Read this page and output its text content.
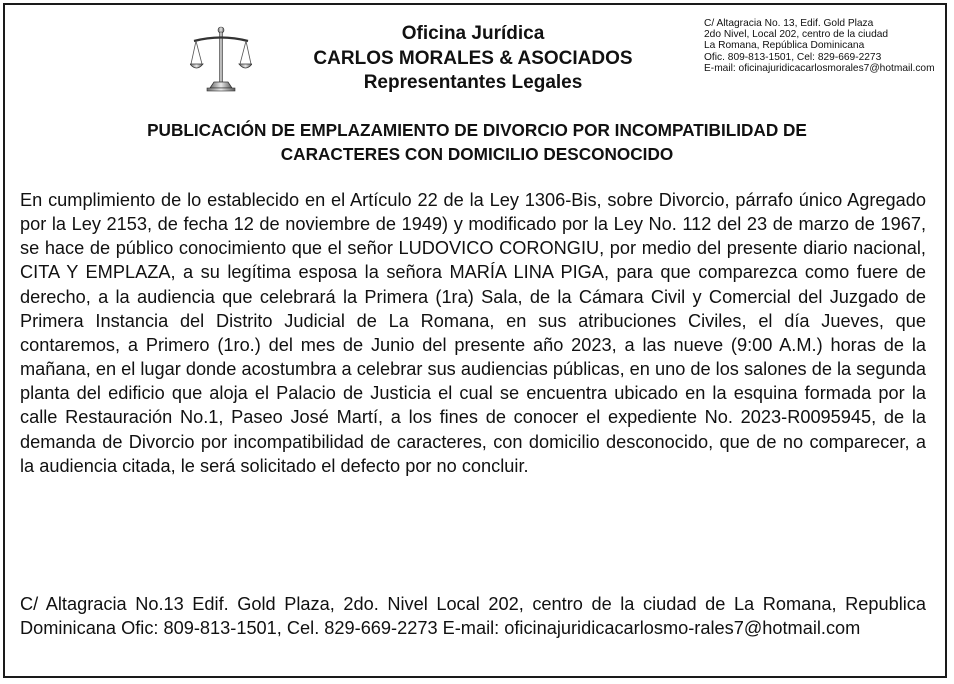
Oficina Jurídica
CARLOS MORALES & ASOCIADOS
Representantes Legales
C/ Altagracia No. 13, Edif. Gold Plaza
2do Nivel, Local 202, centro de la ciudad
La Romana, República Dominicana
Ofic. 809-813-1501, Cel: 829-669-2273
E-mail: oficinajuridicacarlosmorales7@hotmail.com
PUBLICACIÓN DE EMPLAZAMIENTO DE DIVORCIO POR INCOMPATIBILIDAD DE
CARACTERES CON DOMICILIO DESCONOCIDO
En cumplimiento de lo establecido en el Artículo 22 de la Ley 1306-Bis, sobre Divorcio, párrafo único Agregado por la Ley 2153, de fecha 12 de noviembre de 1949) y modificado por la Ley No. 112 del 23 de marzo de 1967, se hace de público conocimiento que el señor LUDOVICO CORONGIU, por medio del presente diario nacional, CITA Y EMPLAZA, a su legítima esposa la señora MARÍA LINA PIGA, para que comparezca como fuere de derecho, a la audiencia que celebrará la Primera (1ra) Sala, de la Cámara Civil y Comercial del Juzgado de Primera Instancia del Distrito Judicial de La Romana, en sus atribuciones Civiles, el día Jueves, que contaremos, a Primero (1ro.) del mes de Junio del presente año 2023, a las nueve (9:00 A.M.) horas de la mañana, en el lugar donde acostumbra a celebrar sus audiencias públicas, en uno de los salones de la segunda planta del edificio que aloja el Palacio de Justicia el cual se encuentra ubicado en la esquina formada por la calle Restauración No.1, Paseo José Martí, a los fines de conocer el expediente No. 2023-R0095945, de la demanda de Divorcio por incompatibilidad de caracteres, con domicilio desconocido, que de no comparecer, a la audiencia citada, le será solicitado el defecto por no concluir.
C/ Altagracia No.13 Edif. Gold Plaza, 2do. Nivel Local 202, centro de la ciudad de La Romana, Republica Dominicana Ofic: 809-813-1501, Cel. 829-669-2273 E-mail: oficinajuridicacarlosmo-rales7@hotmail.com
